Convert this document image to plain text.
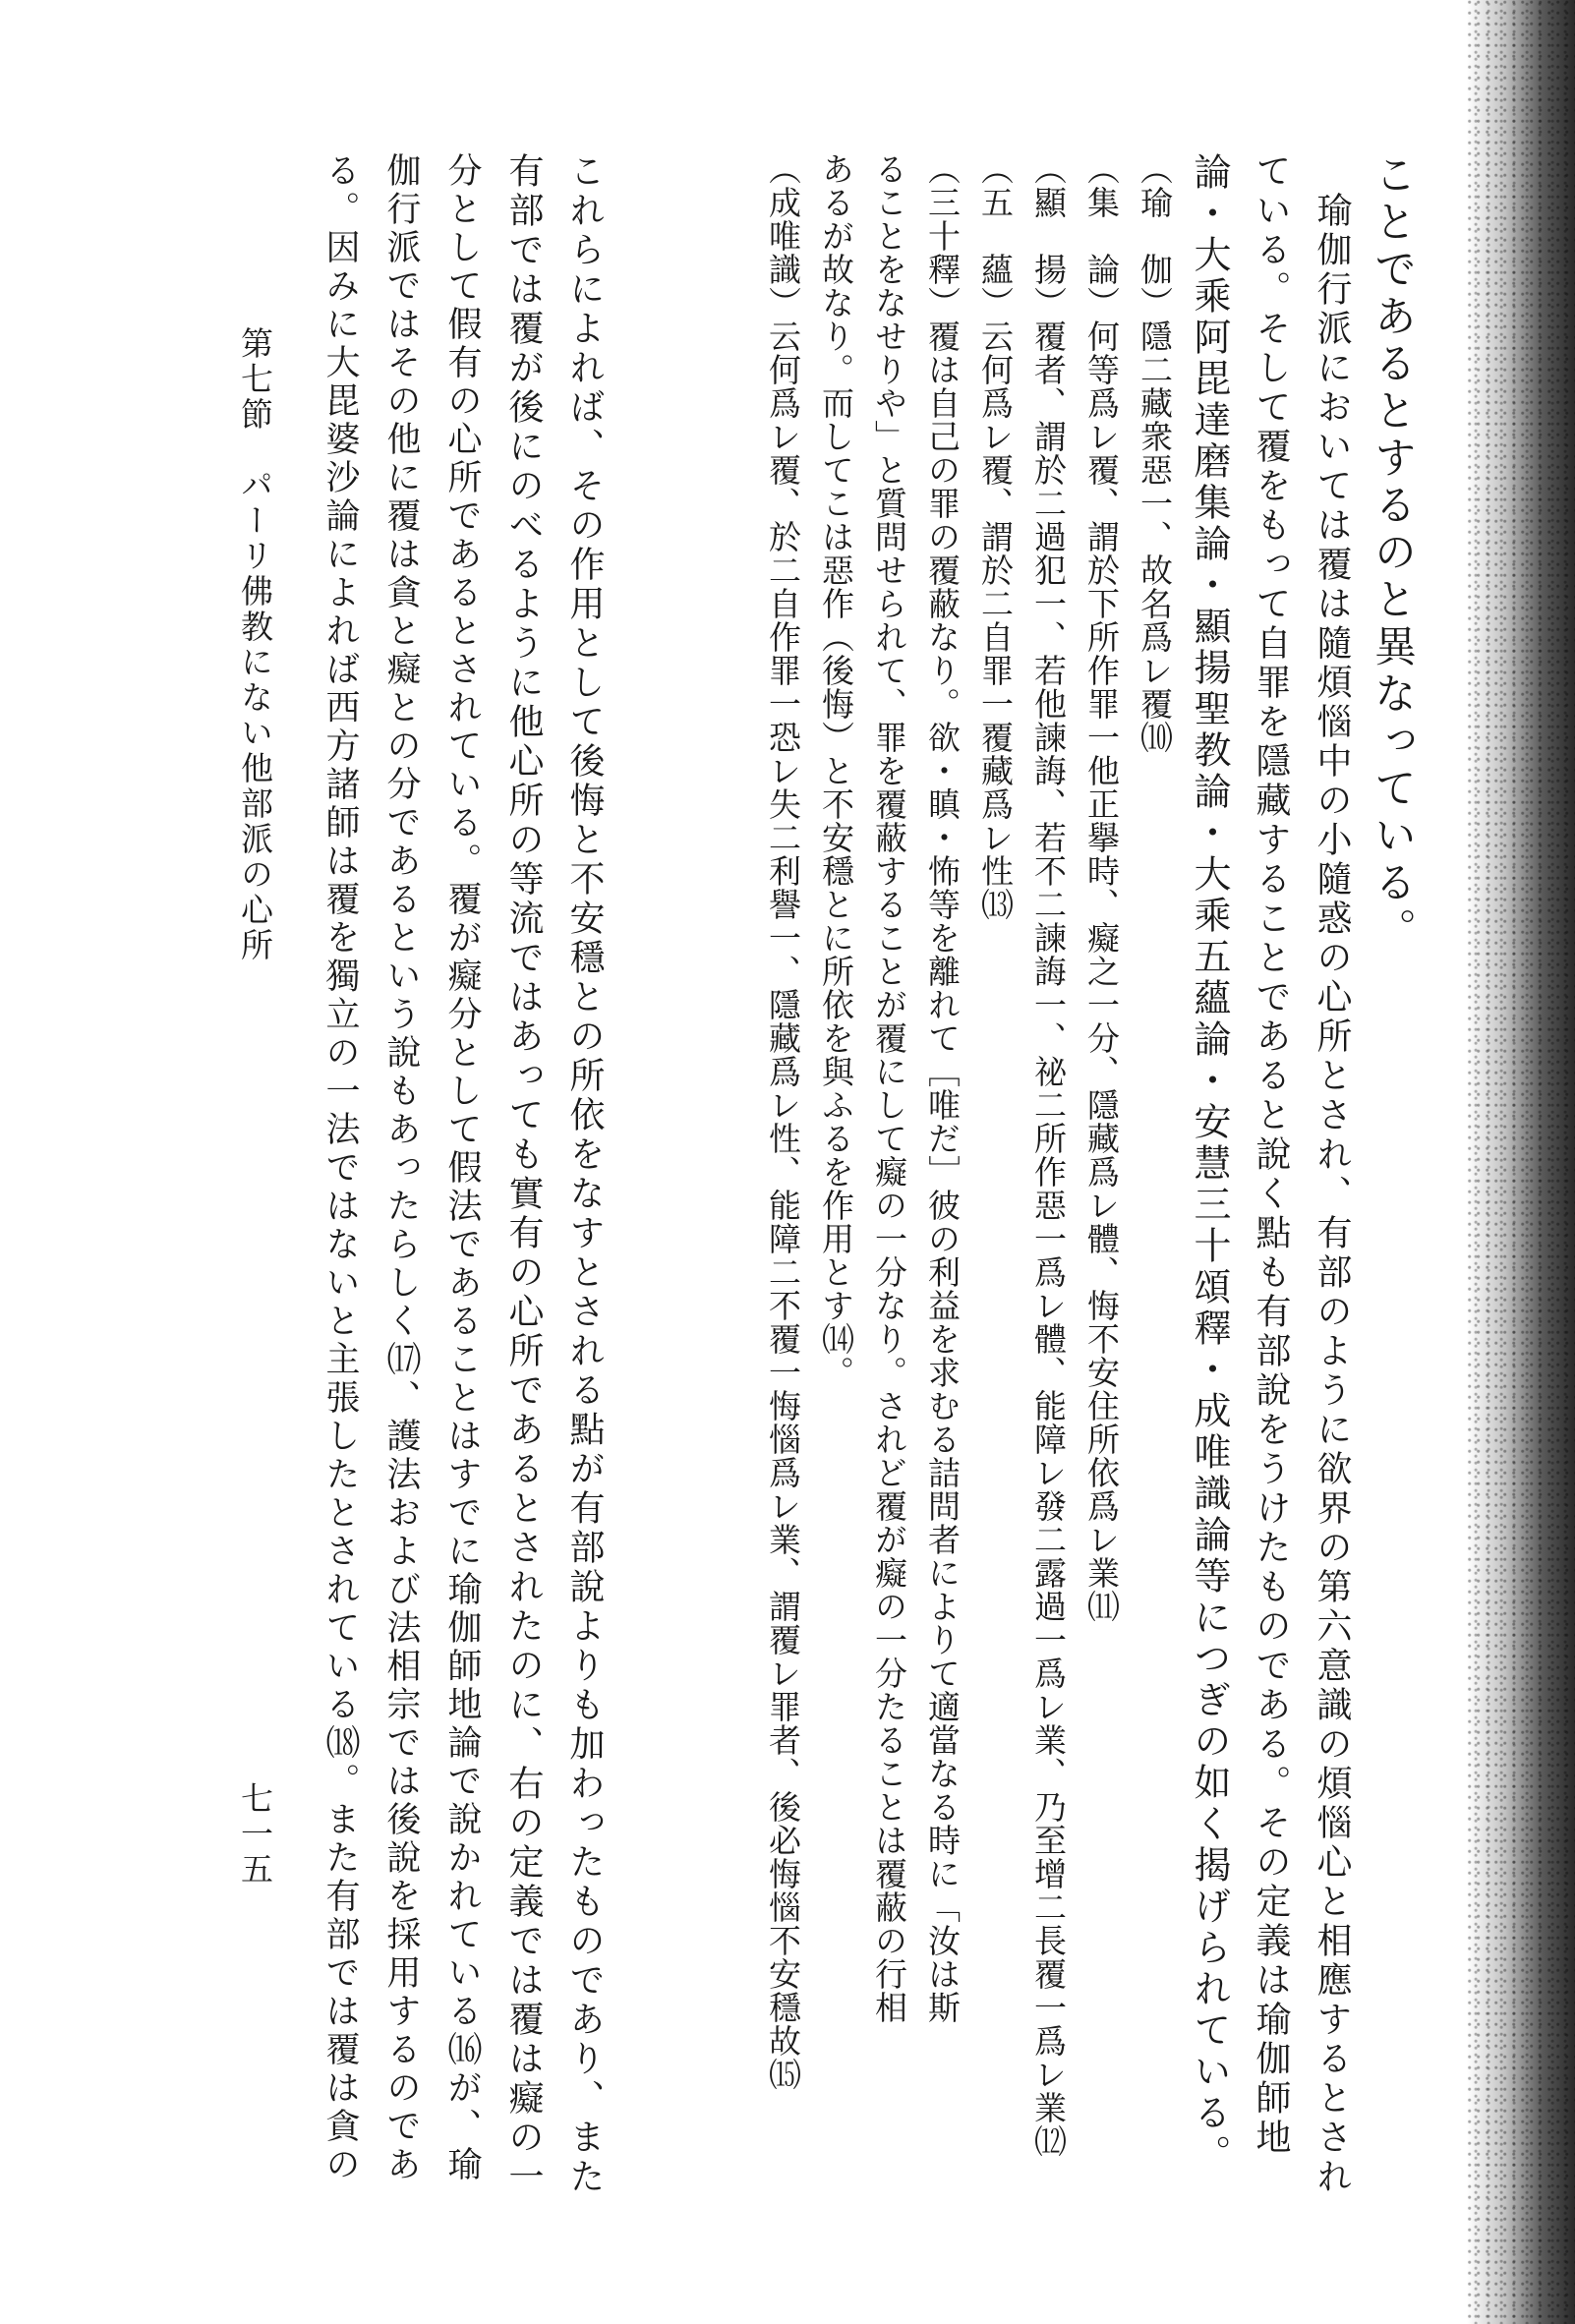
ことであるとするのと異なっている。
　瑜伽行派においては覆は隨煩惱中の小隨惑の心所とされ、有部のように欲界の第六意識の煩惱心と相應するとされ
ている。そして覆をもって自罪を隱藏することであると說く點も有部說をうけたものである。その定義は瑜伽師地
論・大乘阿毘達磨集論・顯揚聖教論・大乘五蘊論・安慧三十頌釋・成唯識論等につぎの如く揭げられている。
（瑜　伽）隱二藏衆惡一、故名爲レ覆⑽
（集　論）何等爲レ覆、謂於下所作罪一他正擧時、癡之一分、隱藏爲レ體、悔不安住所依爲レ業⑾
（顯　揚）覆者、謂於二過犯一、若他諫誨、若不二諫誨一、祕二所作惡一爲レ體、能障レ發二露過一爲レ業、乃至增二長覆一爲レ業⑿
（五　蘊）云何爲レ覆、謂於二自罪一覆藏爲レ性⒀
（三十釋）覆は自己の罪の覆蔽なり。欲・瞋・怖等を離れて［唯だ］彼の利益を求むる詰問者によりて適當なる時に「汝は斯
ることをなせりや」と質問せられて、罪を覆蔽することが覆にして癡の一分なり。されど覆が癡の一分たることは覆蔽の行相
あるが故なり。而してこは惡作（後悔）と不安穩とに所依を與ふるを作用とす⒁。
（成唯識）云何爲レ覆、於二自作罪一恐レ失二利譽一、隱藏爲レ性、能障二不覆一悔惱爲レ業、謂覆レ罪者、後必悔惱不安穩故⒂
これらによれば、その作用として後悔と不安穩との所依をなすとされる點が有部說よりも加わったものであり、また
有部では覆が後にのべるように他心所の等流ではあっても實有の心所であるとされたのに、右の定義では覆は癡の一
分として假有の心所であるとされている。覆が癡分として假法であることはすでに瑜伽師地論で說かれている⒃が、瑜
伽行派ではその他に覆は貪と癡との分であるという說もあったらしく⒄、護法および法相宗では後說を採用するのであ
る。因みに大毘婆沙論によれば西方諸師は覆を獨立の一法ではないと主張したとされている⒅。また有部では覆は貪の
第七節　パーリ佛教にない他部派の心所
七一五
